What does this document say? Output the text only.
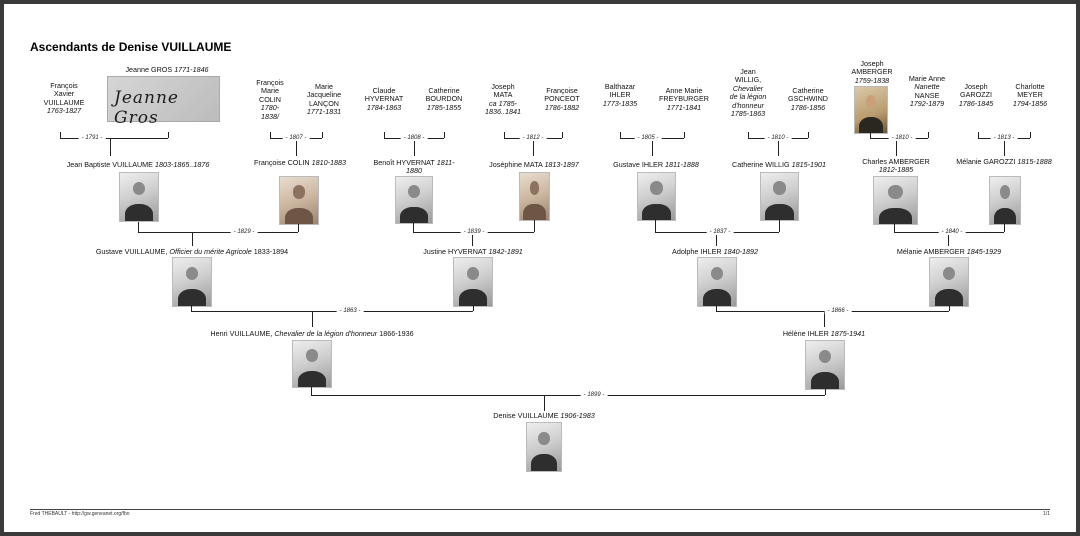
Ascendants de Denise VUILLAUME
François Xavier VUILLAUME
1763-1827
Jeanne GROS 1771-1846
Jeanne Gros
François Marie COLIN
1780-1838/
Marie Jacqueline LANÇON
1771-1831
Claude HYVERNAT
1784-1863
Catherine BOURDON
1785-1855
Joseph MATA
ca 1785-1836..1841
Françoise PONCEOT
1786-1882
Balthazar IHLER
1773-1835
Anne Marie FREYBURGER
1771-1841
Jean WILLIG,
Chevalier de la légion d'honneur
1785-1863
Catherine GSCHWIND
1786-1856
Joseph AMBERGER
1759-1838	Marie Anne
Nanette
NANSE
1792-1879
Joseph GAROZZI
1786-1845
Charlotte MEYER
1794-1856
- 1791 -	- 1807 -	- 1808 -	- 1812 -	- 1805 -	- 1810 -	- 1810 -	- 1813 -
Jean Baptiste VUILLAUME 1803-1865..1876	Françoise COLIN 1810-1883	Benoît HYVERNAT 1811-1880
Joséphine MATA 1813-1897	Gustave IHLER 1811-1888	Catherine WILLIG 1815-1901	Charles AMBERGER
1812-1885
Mélanie GAROZZI 1815-1888
- 1829 -	- 1839 -	- 1837 -	- 1840 -
Gustave VUILLAUME, Officier du mérite Agricole 1833-1894	Justine HYVERNAT 1842-1891	Adolphe IHLER 1840-1892	Mélanie AMBERGER 1845-1929
- 1863 -	- 1866 -
Henri VUILLAUME, Chevalier de la légion d'honneur 1866-1936	Hélène IHLER 1875-1941
- 1899 -
Denise VUILLAUME 1906-1983
Fred THEBAULT - http://gw.geneanet.org/fbo	1/1
